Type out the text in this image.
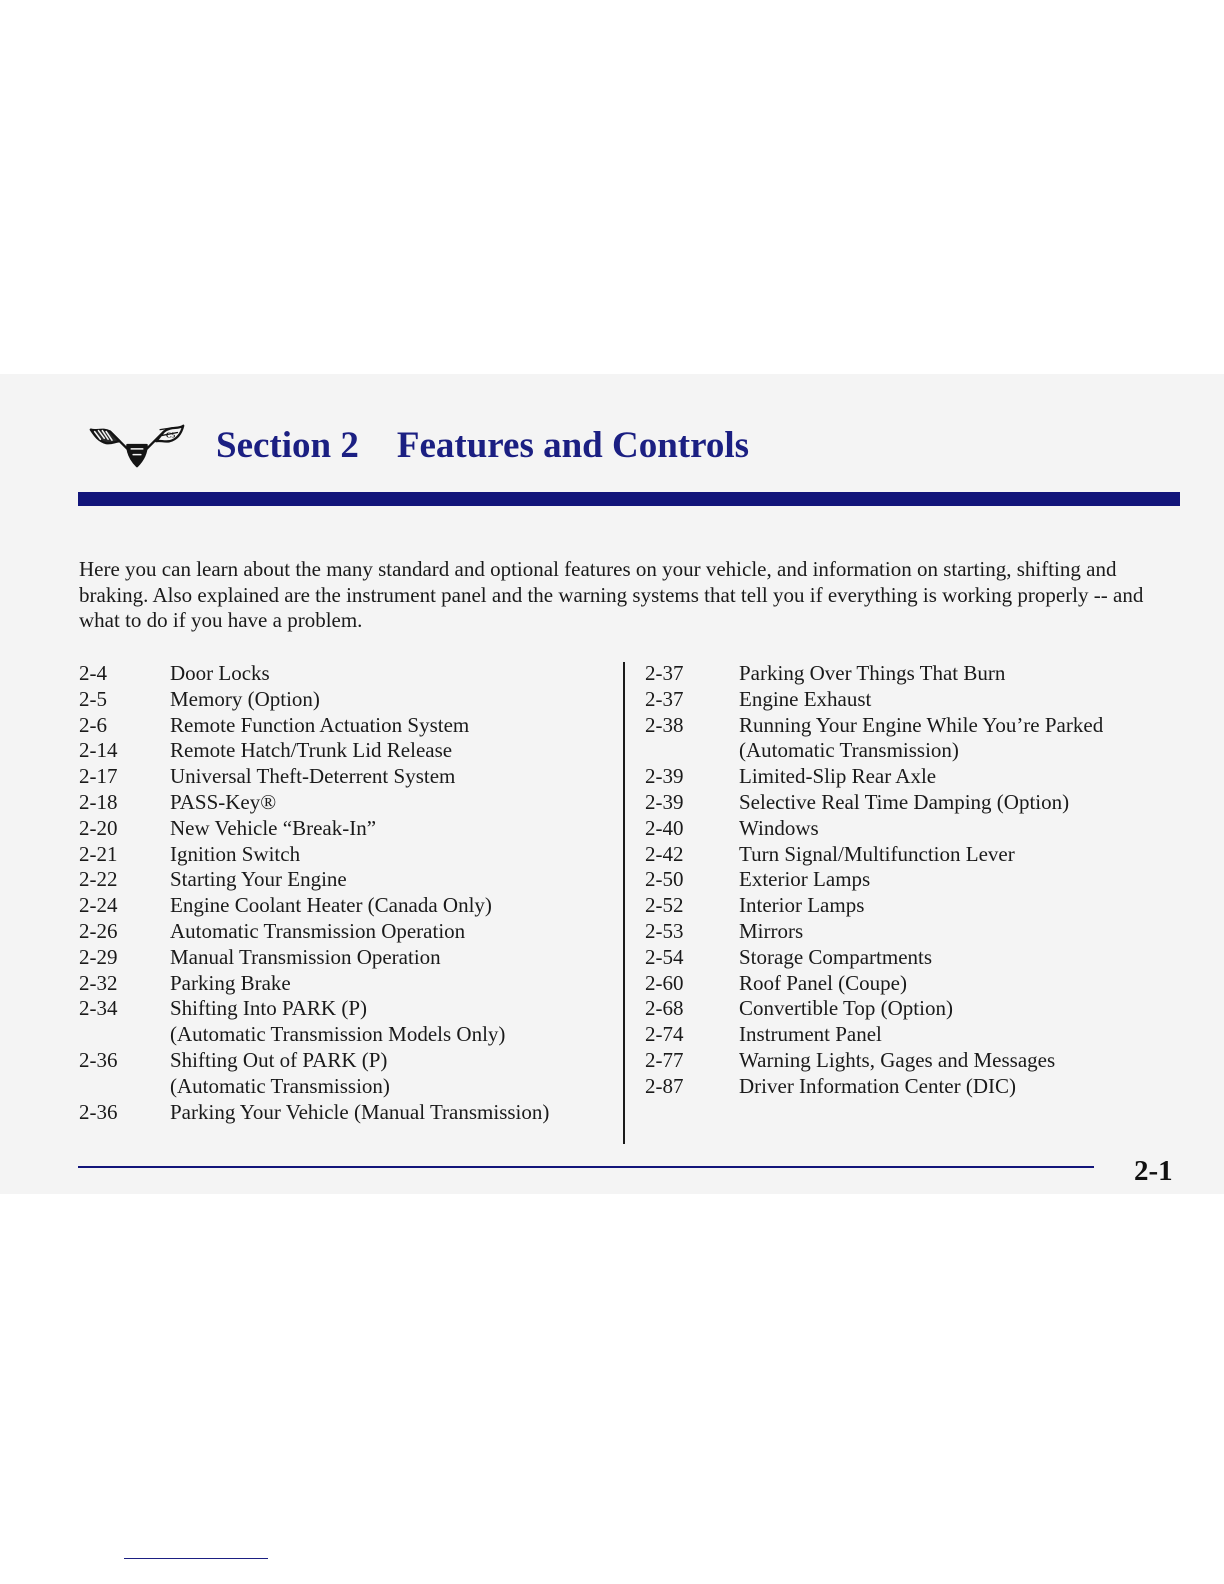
C5 Section 2 Features and Controls

Here you can learn about the many standard and optional features on your vehicle, and information on starting, shifting and braking. Also explained are the instrument panel and the warning systems that tell you if everything is working properly -- and what to do if you have a problem.

2-4	Door Locks
2-5	Memory (Option)
2-6	Remote Function Actuation System
2-14	Remote Hatch/Trunk Lid Release
2-17	Universal Theft-Deterrent System
2-18	PASS-Key®
2-20	New Vehicle “Break-In”
2-21	Ignition Switch
2-22	Starting Your Engine
2-24	Engine Coolant Heater (Canada Only)
2-26	Automatic Transmission Operation
2-29	Manual Transmission Operation
2-32	Parking Brake
2-34	Shifting Into PARK (P)
(Automatic Transmission Models Only)
2-36	Shifting Out of PARK (P)
(Automatic Transmission)
2-36	Parking Your Vehicle (Manual Transmission)
2-37	Parking Over Things That Burn
2-37	Engine Exhaust
2-38	Running Your Engine While You’re Parked
(Automatic Transmission)
2-39	Limited-Slip Rear Axle
2-39	Selective Real Time Damping (Option)
2-40	Windows
2-42	Turn Signal/Multifunction Lever
2-50	Exterior Lamps
2-52	Interior Lamps
2-53	Mirrors
2-54	Storage Compartments
2-60	Roof Panel (Coupe)
2-68	Convertible Top (Option)
2-74	Instrument Panel
2-77	Warning Lights, Gages and Messages
2-87	Driver Information Center (DIC)
2-1
